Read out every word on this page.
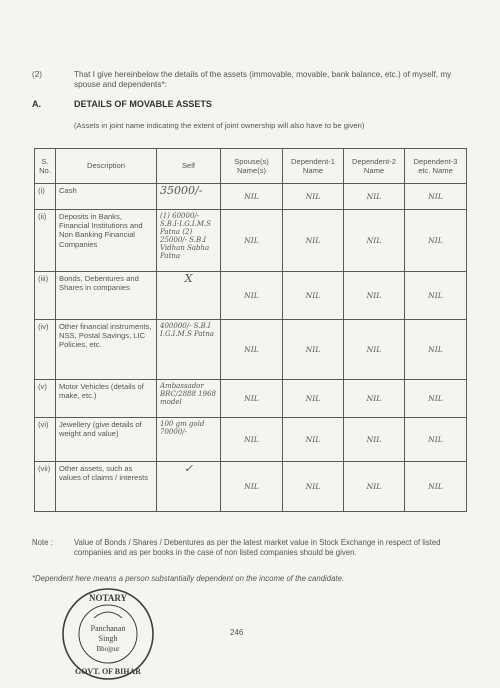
(2)	That I give hereinbelow the details of the assets (immovable, movable, bank balance, etc.) of myself, my spouse and dependents*:
A.	DETAILS OF MOVABLE ASSETS
(Assets in joint name indicating the extent of joint ownership will also have to be given)
S. No.	Description	Self	Spouse(s) Name(s)	Dependent-1 Name	Dependent-2 Name	Dependent-3 etc. Name
(i)	Cash	35000/-	NIL	NIL	NIL	NIL
(ii)	Deposits in Banks, Financial Institutions and Non Banking Financial Companies	(1) 60000/- S.B.I-I.G.I.M.S Patna (2) 25000/- S.B.I Vidhan Sabha Patna	NIL	NIL	NIL	NIL
(iii)	Bonds, Debentures and Shares in companies	X	NIL	NIL	NIL	NIL
(iv)	Other financial instruments, NSS, Postal Savings, LIC Policies, etc.	400000/- S.B.I I.G.I.M.S Patna	NIL	NIL	NIL	NIL
(v)	Motor Vehicles (details of make, etc.)	Ambassador BRC/2888 1968 model	NIL	NIL	NIL	NIL
(vi)	Jewellery (give details of weight and value)	100 gm gold 70000/-	NIL	NIL	NIL	NIL
(vii)	Other assets, such as values of claims / interests	✓	NIL	NIL	NIL	NIL
Note :	Value of Bonds / Shares / Debentures as per the latest market value in Stock Exchange in respect of listed companies and as per books in the case of non listed companies should be given.
*Dependent here means a person substantially dependent on the income of the candidate.
NOTARY
Panchanan
Singh
Bhojpur
GOVT. OF BIHAR
246
